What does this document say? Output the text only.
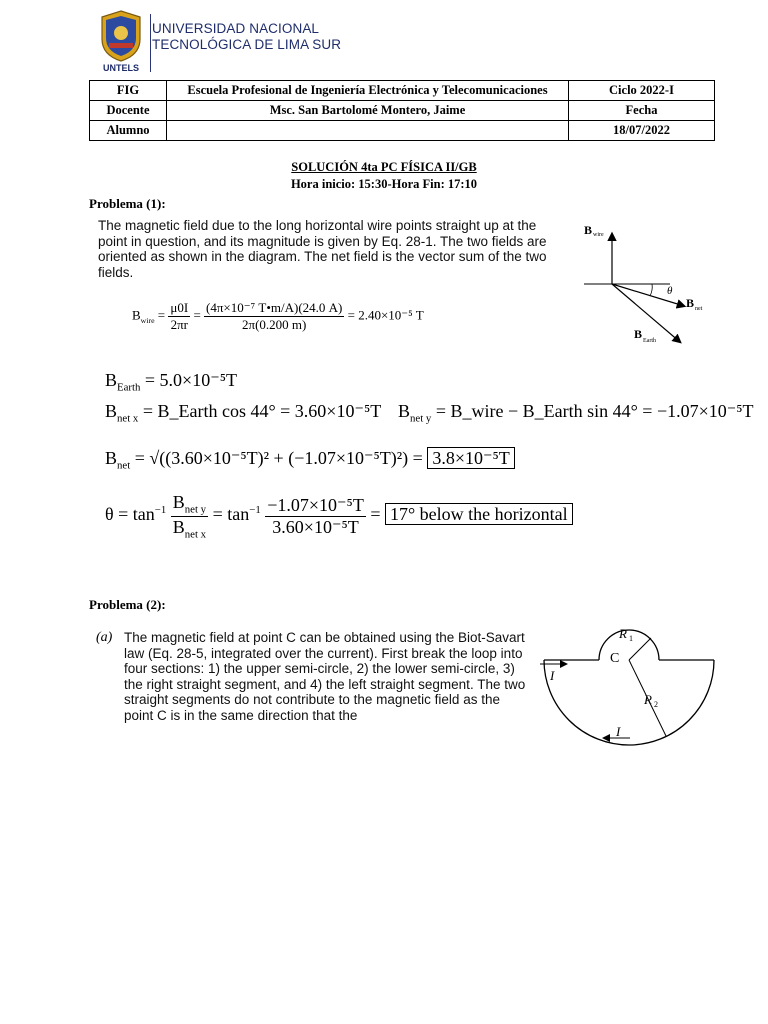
UNTELS
UNIVERSIDAD NACIONAL
TECNOLÓGICA DE LIMA SUR
FIG	Escuela Profesional de Ingeniería Electrónica y Telecomunicaciones	Ciclo 2022-I
Docente	Msc. San Bartolomé Montero, Jaime	Fecha
Alumno		18/07/2022
SOLUCIÓN 4ta PC FÍSICA II/GB
Hora inicio: 15:30-Hora Fin: 17:10
Problema (1):
The magnetic field due to the long horizontal wire points straight up at the point in question, and its magnitude is given by Eq. 28-1. The two fields are oriented as shown in the diagram. The net field is the vector sum of the two fields.
$B_{wire} = \frac{\mu 0I}{2\pi r} = \frac{\text{(4π×10⁻⁷ T•m/A)(24.0 A)}}{2\pi(0.200 m)} = 2.40\times 10^{-5}$ T
$B_{Earth} = 5.0\times 10^{-5}T$
$B_{net x}$ = B_Earth cos 44° = 3.60×10⁻⁵T $B_{net y}$ = B_wire − B_Earth sin 44° = −1.07×10⁻⁵T
$B_{net} = √((3.60\times 10^{-5}T)^2 + (-1.07\times 10^{-5}T)^2) = 3.8\times 10^{-5}T$
$\theta = \tan^{-1} \frac{B_{net y}}{B_{net x}} = \tan^{-1} \frac{\text{−1.07×10⁻⁵T}}{\text{3.60×10⁻⁵T}} = 17^\circ$ below the horizontal
θ
B wire
B net
B Earth
Problema (2):
(a) The magnetic field at point C can be obtained using the Biot-Savart law (Eq. 28-5, integrated over the current). First break the loop into four sections: 1) the upper semi-circle, 2) the lower semi-circle, 3) the right straight segment, and 4) the left straight segment. The two straight segments do not contribute to the magnetic field as the point C is in the same direction that the
R 1
C
R 2
I
I
